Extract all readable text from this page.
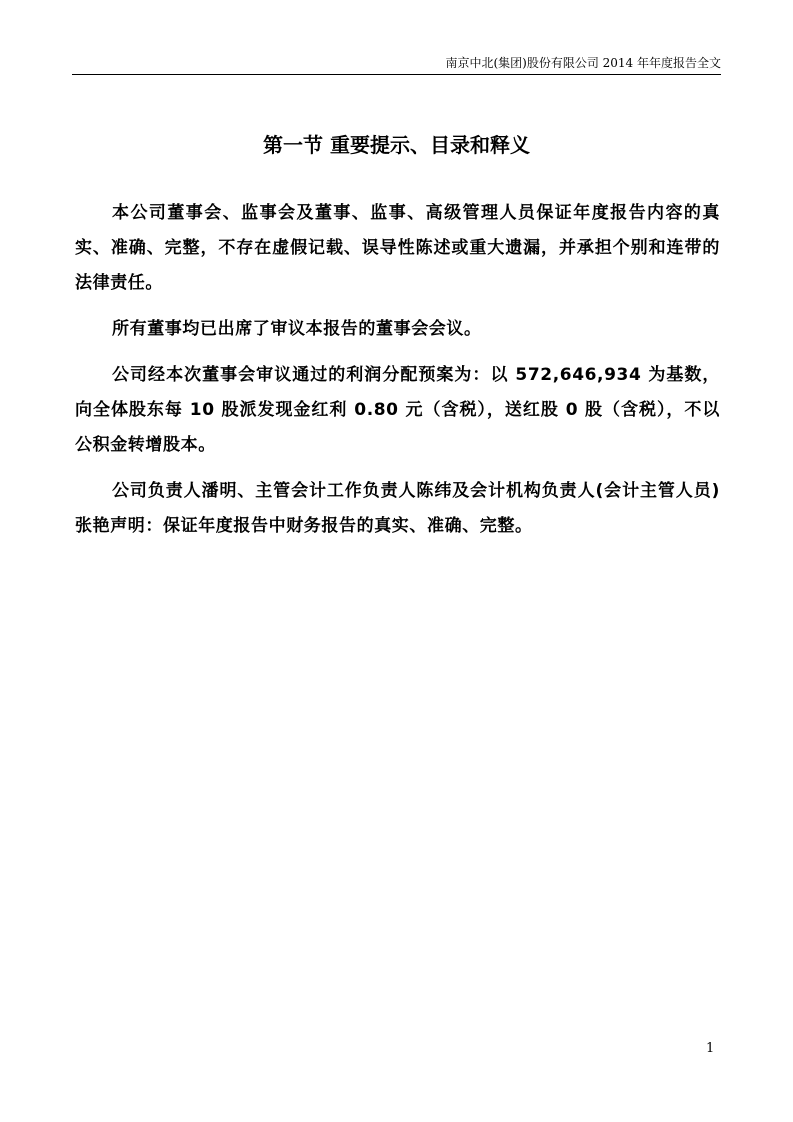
南京中北(集团)股份有限公司 2014 年年度报告全文
第一节 重要提示、目录和释义

本公司董事会、监事会及董事、监事、高级管理人员保证年度报告内容的真实、准确、完整，不存在虚假记载、误导性陈述或重大遗漏，并承担个别和连带的法律责任。

所有董事均已出席了审议本报告的董事会会议。

公司经本次董事会审议通过的利润分配预案为：以 572,646,934 为基数，向全体股东每 10 股派发现金红利 0.80 元（含税），送红股 0 股（含税），不以公积金转增股本。

公司负责人潘明、主管会计工作负责人陈纬及会计机构负责人(会计主管人员)张艳声明：保证年度报告中财务报告的真实、准确、完整。

1
